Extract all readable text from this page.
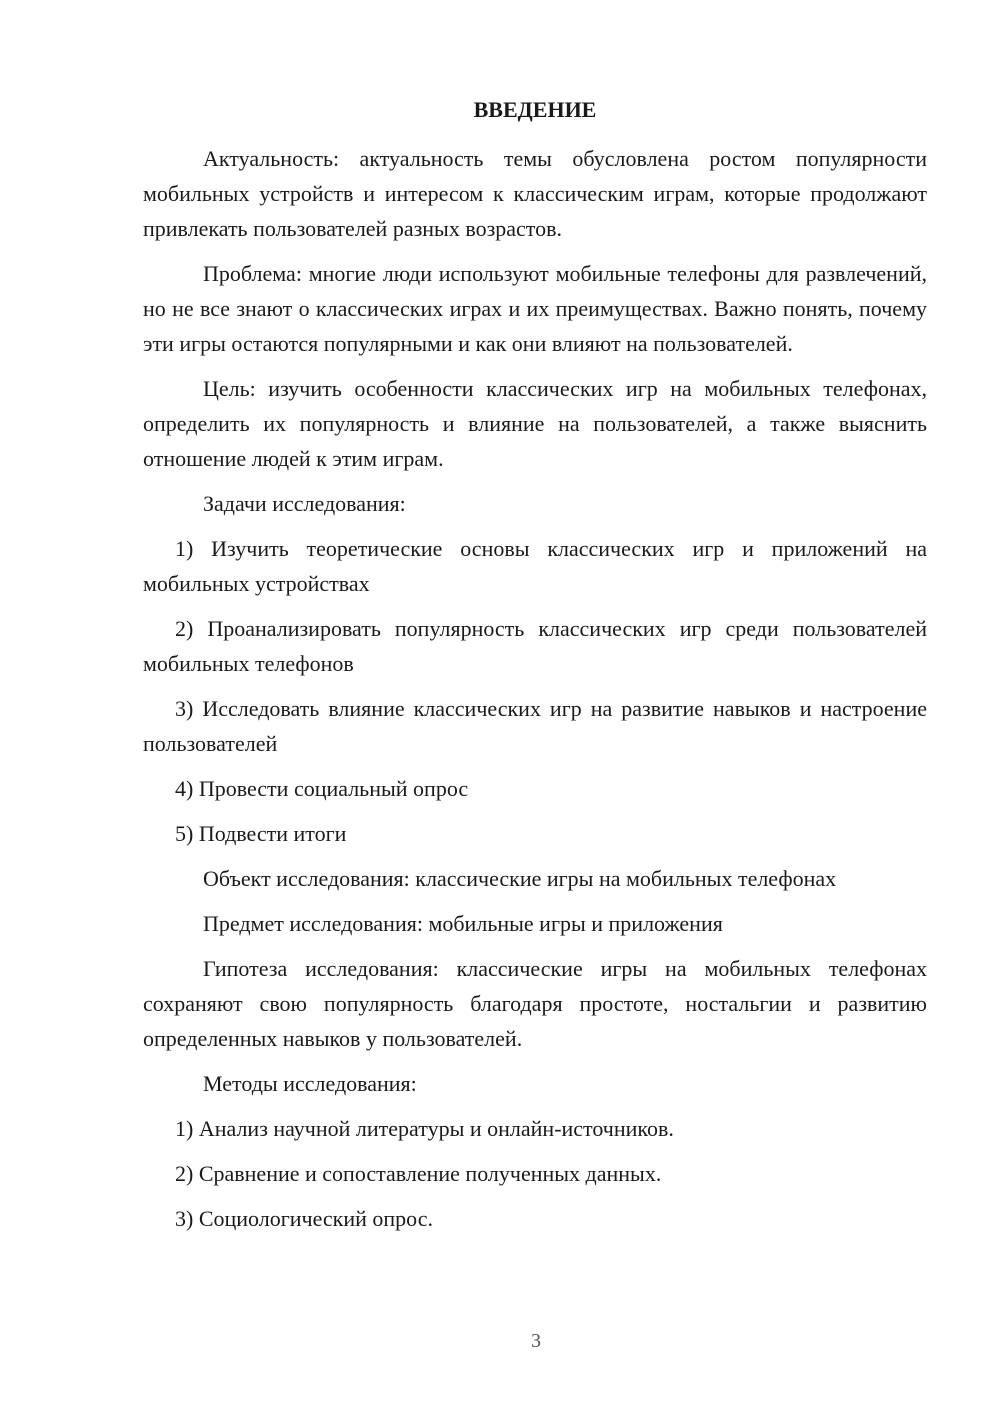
ВВЕДЕНИЕ

Актуальность: актуальность темы обусловлена ростом популярности мобильных устройств и интересом к классическим играм, которые продолжают привлекать пользователей разных возрастов.

Проблема: многие люди используют мобильные телефоны для развлечений, но не все знают о классических играх и их преимуществах. Важно понять, почему эти игры остаются популярными и как они влияют на пользователей.

Цель: изучить особенности классических игр на мобильных телефонах, определить их популярность и влияние на пользователей, а также выяснить отношение людей к этим играм.

Задачи исследования:

1) Изучить теоретические основы классических игр и приложений на мобильных устройствах

2) Проанализировать популярность классических игр среди пользователей мобильных телефонов

3) Исследовать влияние классических игр на развитие навыков и настроение пользователей

4) Провести социальный опрос

5) Подвести итоги

Объект исследования: классические игры на мобильных телефонах

Предмет исследования: мобильные игры и приложения

Гипотеза исследования: классические игры на мобильных телефонах сохраняют свою популярность благодаря простоте, ностальгии и развитию определенных навыков у пользователей.

Методы исследования:

1) Анализ научной литературы и онлайн-источников.

2) Сравнение и сопоставление полученных данных.

3) Социологический опрос.

3
